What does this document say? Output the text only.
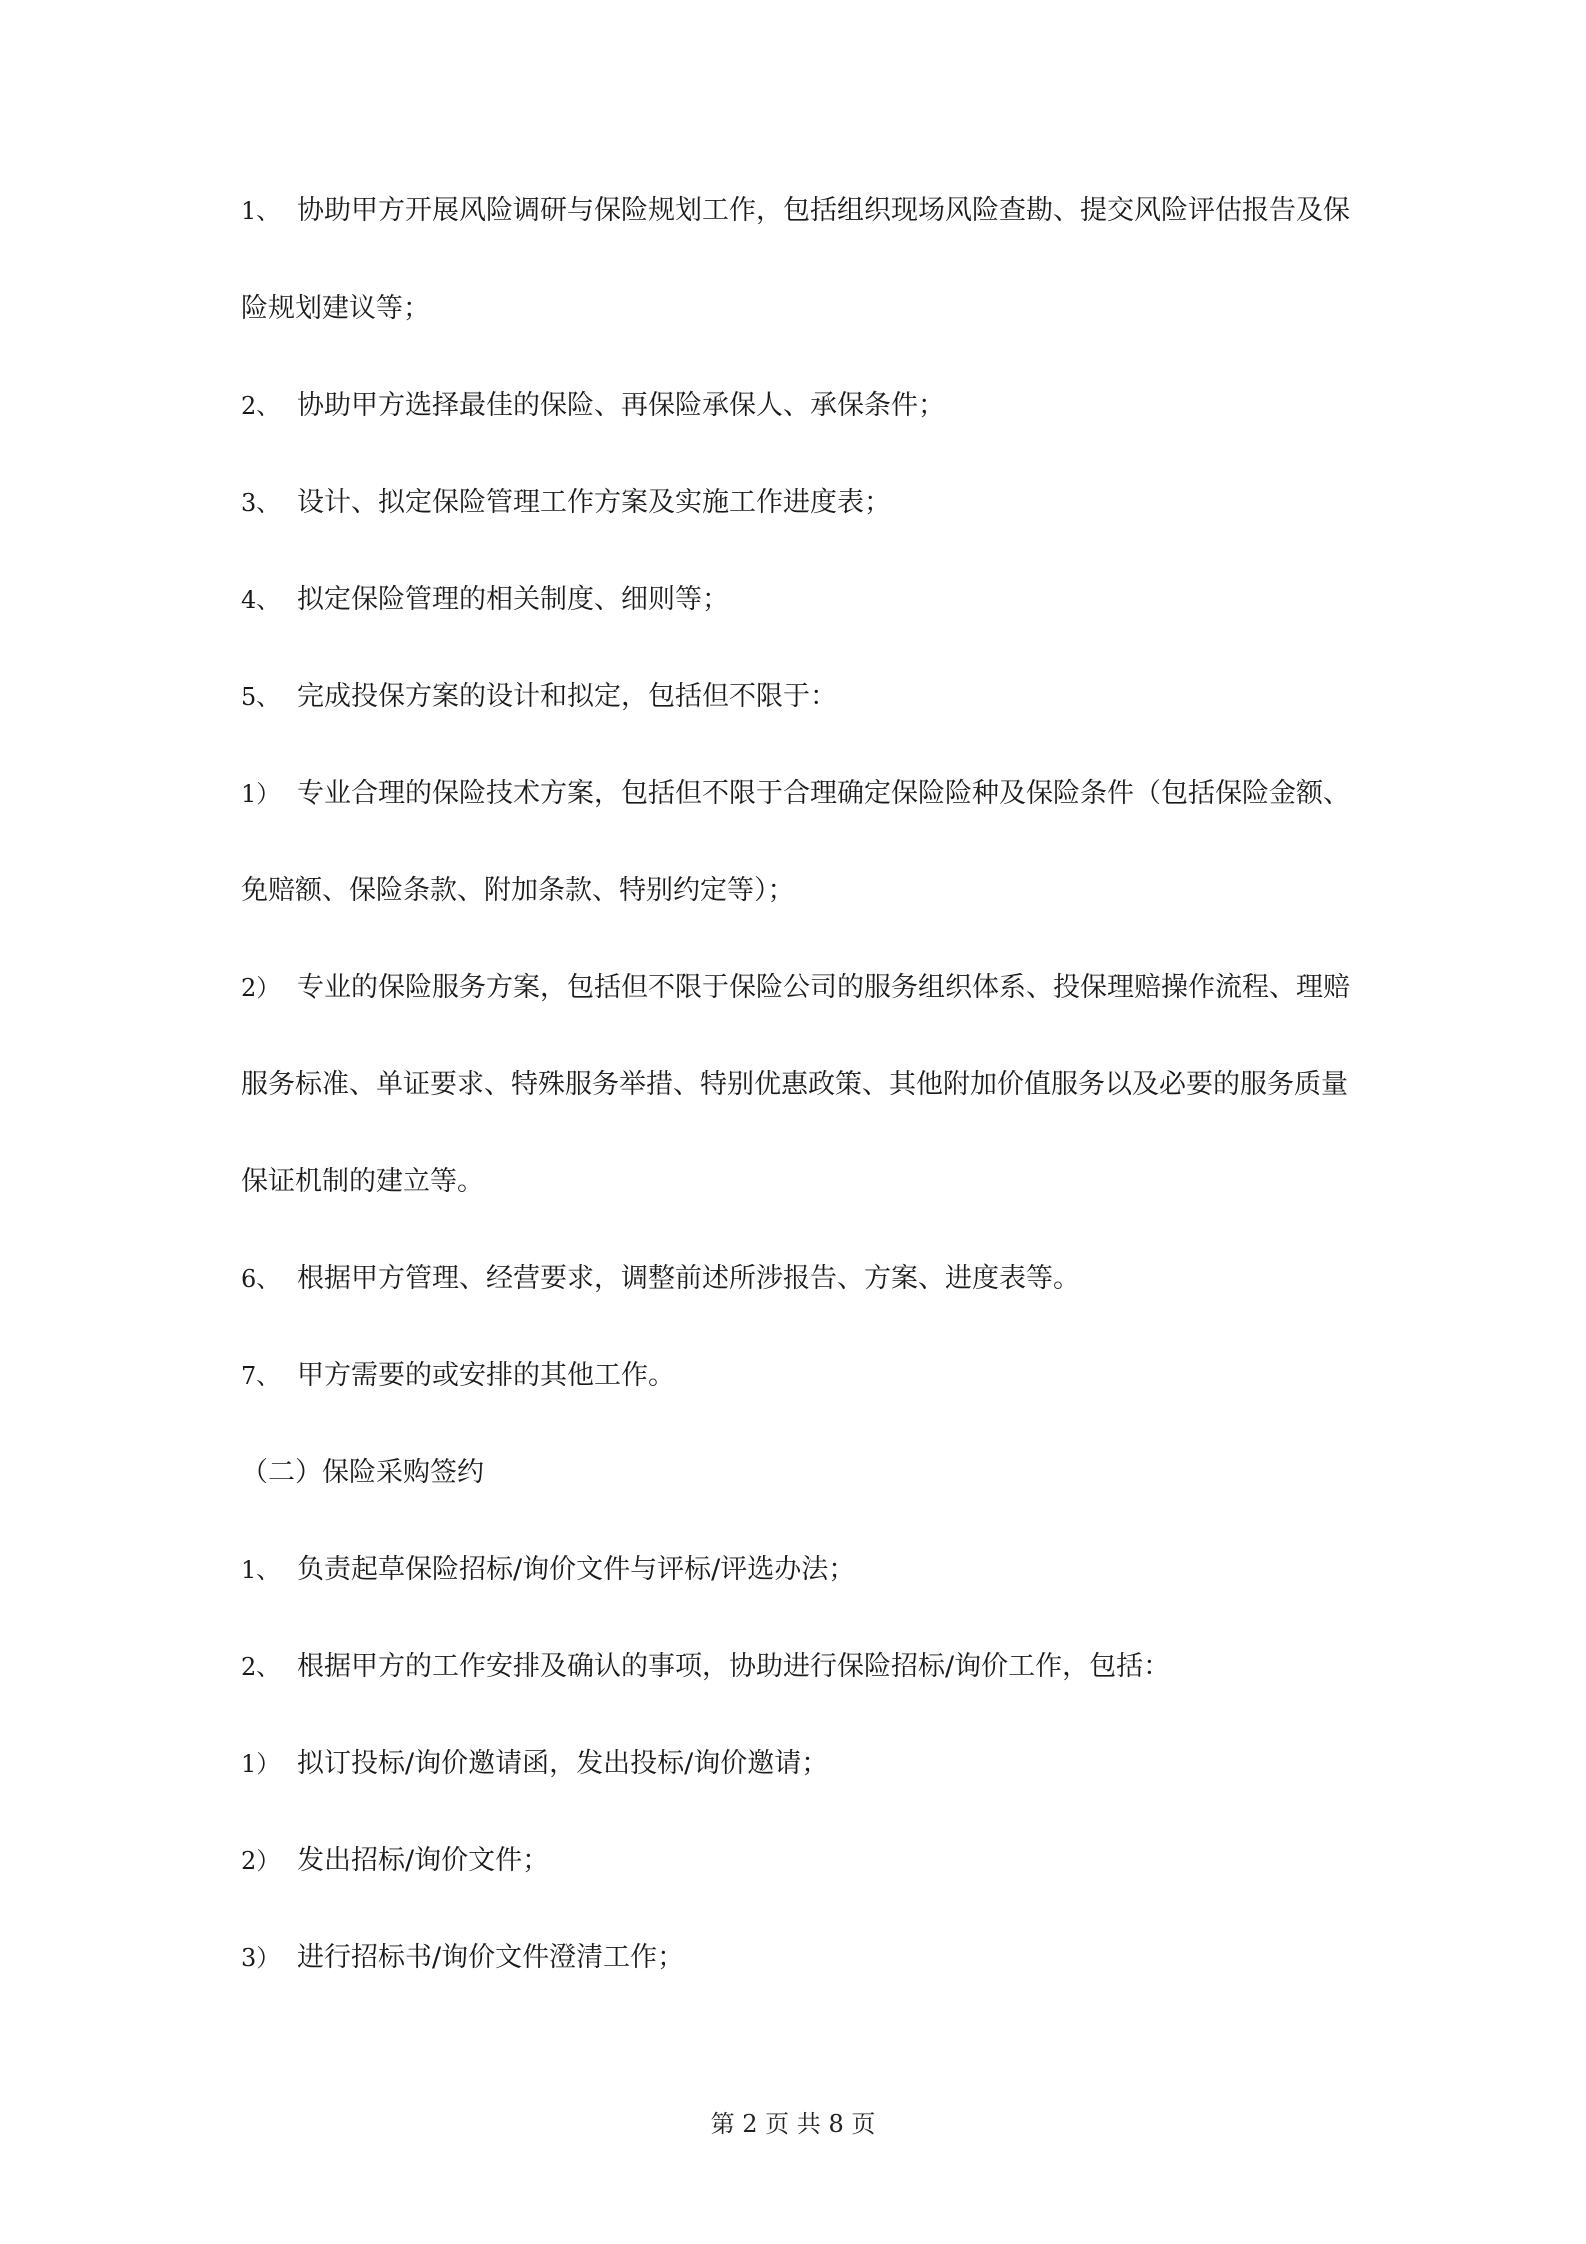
1、 协助甲方开展风险调研与保险规划工作，包括组织现场风险查勘、提交风险评估报告及保
险规划建议等；
2、 协助甲方选择最佳的保险、再保险承保人、承保条件；
3、 设计、拟定保险管理工作方案及实施工作进度表；
4、 拟定保险管理的相关制度、细则等；
5、 完成投保方案的设计和拟定，包括但不限于：
1） 专业合理的保险技术方案，包括但不限于合理确定保险险种及保险条件（包括保险金额、
免赔额、保险条款、附加条款、特别约定等）；
2） 专业的保险服务方案，包括但不限于保险公司的服务组织体系、投保理赔操作流程、理赔
服务标准、单证要求、特殊服务举措、特别优惠政策、其他附加价值服务以及必要的服务质量
保证机制的建立等。
6、 根据甲方管理、经营要求，调整前述所涉报告、方案、进度表等。
7、 甲方需要的或安排的其他工作。
（二）保险采购签约
1、 负责起草保险招标/询价文件与评标/评选办法；
2、 根据甲方的工作安排及确认的事项，协助进行保险招标/询价工作，包括：
1） 拟订投标/询价邀请函，发出投标/询价邀请；
2） 发出招标/询价文件；
3） 进行招标书/询价文件澄清工作；
第 2 页 共 8 页
